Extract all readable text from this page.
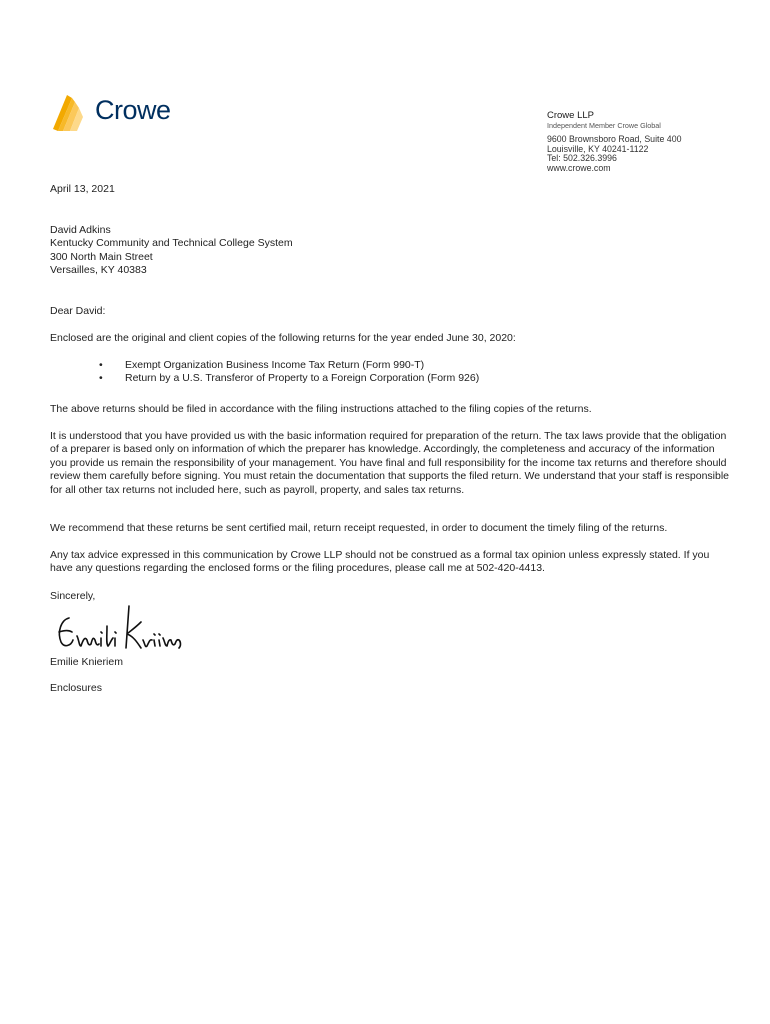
Crowe	Crowe LLP
Independent Member Crowe Global
9600 Brownsboro Road, Suite 400
Louisville, KY 40241-1122
Tel: 502.326.3996
www.crowe.com
April 13, 2021
David Adkins
Kentucky Community and Technical College System
300 North Main Street
Versailles, KY 40383
Dear David:

Enclosed are the original and client copies of the following returns for the year ended June 30, 2020:

•	Exempt Organization Business Income Tax Return (Form 990-T)
•	Return by a U.S. Transferor of Property to a Foreign Corporation (Form 926)

The above returns should be filed in accordance with the filing instructions attached to the filing copies of the returns.

It is understood that you have provided us with the basic information required for preparation of the return. The tax laws provide that the obligation of a preparer is based only on information of which the preparer has knowledge. Accordingly, the completeness and accuracy of the information you provide us remain the responsibility of your management. You have final and full responsibility for the income tax returns and therefore should review them carefully before signing. You must retain the documentation that supports the filed return. We understand that your staff is responsible for all other tax returns not included here, such as payroll, property, and sales tax returns.

We recommend that these returns be sent certified mail, return receipt requested, in order to document the timely filing of the returns.

Any tax advice expressed in this communication by Crowe LLP should not be construed as a formal tax opinion unless expressly stated. If you have any questions regarding the enclosed forms or the filing procedures, please call me at 502-420-4413.

Sincerely,
Emilie Knieriem
Enclosures
